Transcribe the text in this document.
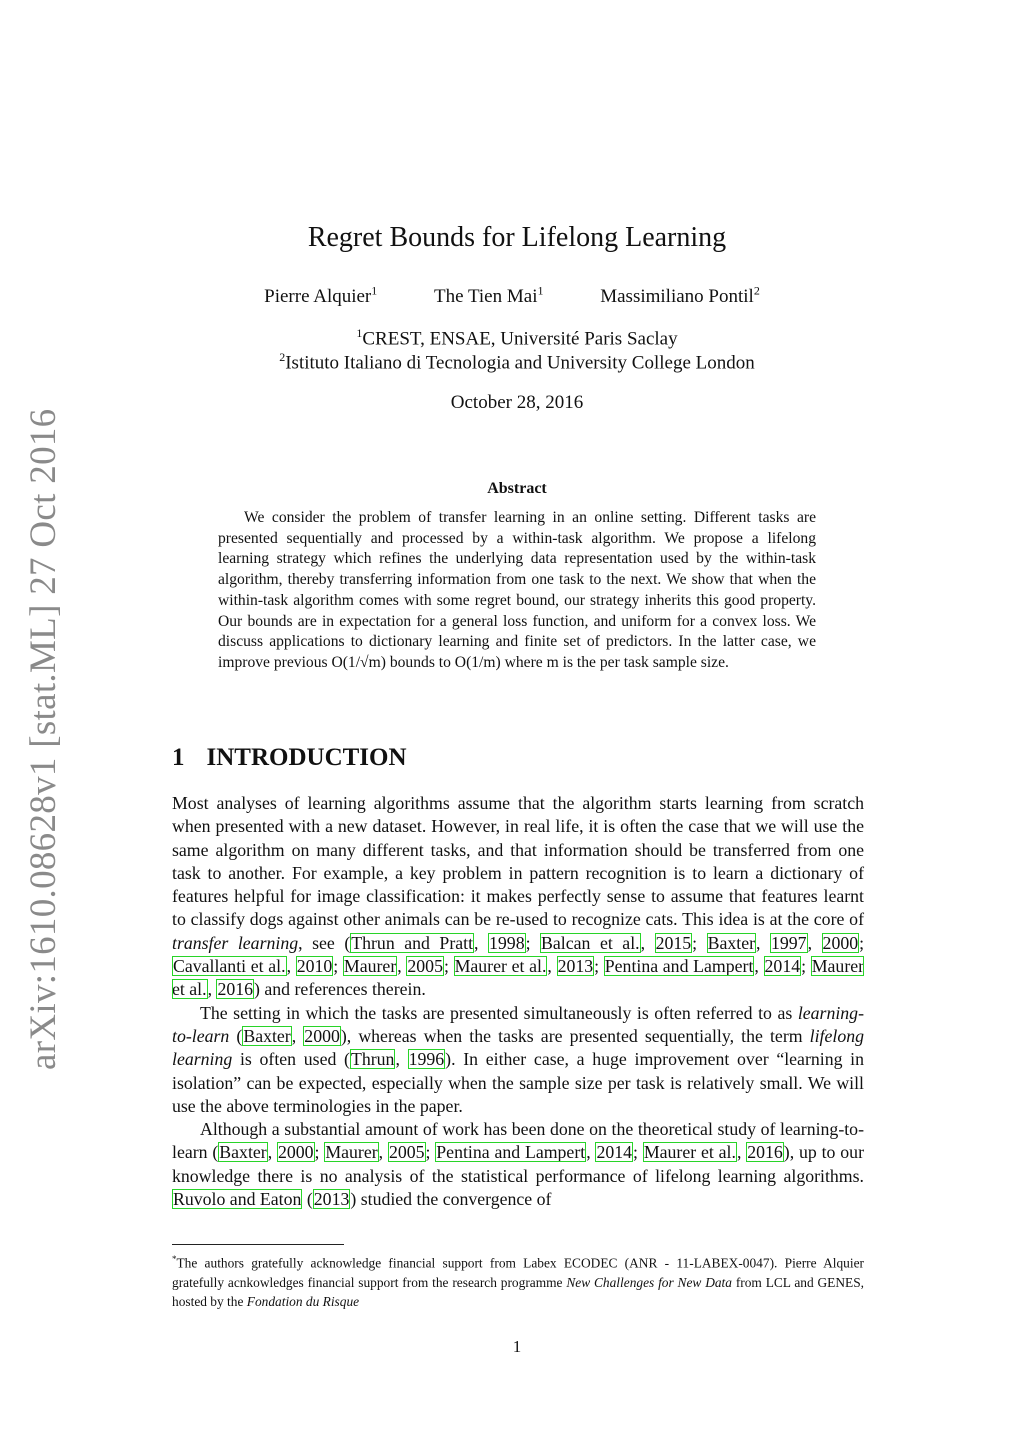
arXiv:1610.08628v1 [stat.ML] 27 Oct 2016
Regret Bounds for Lifelong Learning
Pierre Alquier$^1$	The Tien Mai$^1$	Massimiliano Pontil$^2$
$^1$CREST, ENSAE, Université Paris Saclay
$^2$Istituto Italiano di Tecnologia and University College London
October 28, 2016
Abstract
We consider the problem of transfer learning in an online setting. Different tasks are presented sequentially and processed by a within-task algorithm. We propose a lifelong learning strategy which refines the underlying data representation used by the within-task algorithm, thereby transferring information from one task to the next. We show that when the within-task algorithm comes with some regret bound, our strategy inherits this good property. Our bounds are in expectation for a general loss function, and uniform for a convex loss. We discuss applications to dictionary learning and finite set of predictors. In the latter case, we improve previous O(1/√m) bounds to O(1/m) where m is the per task sample size.
1 INTRODUCTION

Most analyses of learning algorithms assume that the algorithm starts learning from scratch when presented with a new dataset. However, in real life, it is often the case that we will use the same algorithm on many different tasks, and that information should be transferred from one task to another. For example, a key problem in pattern recognition is to learn a dictionary of features helpful for image classification: it makes perfectly sense to assume that features learnt to classify dogs against other animals can be re-used to recognize cats. This idea is at the core of transfer learning, see (Thrun and Pratt, 1998; Balcan et al., 2015; Baxter, 1997, 2000; Cavallanti et al., 2010; Maurer, 2005; Maurer et al., 2013; Pentina and Lampert, 2014; Maurer et al., 2016) and references therein.

The setting in which the tasks are presented simultaneously is often referred to as learning-to-learn (Baxter, 2000), whereas when the tasks are presented sequentially, the term lifelong learning is often used (Thrun, 1996). In either case, a huge improvement over “learning in isolation” can be expected, especially when the sample size per task is relatively small. We will use the above terminologies in the paper.

Although a substantial amount of work has been done on the theoretical study of learning-to-learn (Baxter, 2000; Maurer, 2005; Pentina and Lampert, 2014; Maurer et al., 2016), up to our knowledge there is no analysis of the statistical performance of lifelong learning algorithms. Ruvolo and Eaton (2013) studied the convergence of

*The authors gratefully acknowledge financial support from Labex ECODEC (ANR - 11-LABEX-0047). Pierre Alquier gratefully acnkowledges financial support from the research programme New Challenges for New Data from LCL and GENES, hosted by the Fondation du Risque
1
